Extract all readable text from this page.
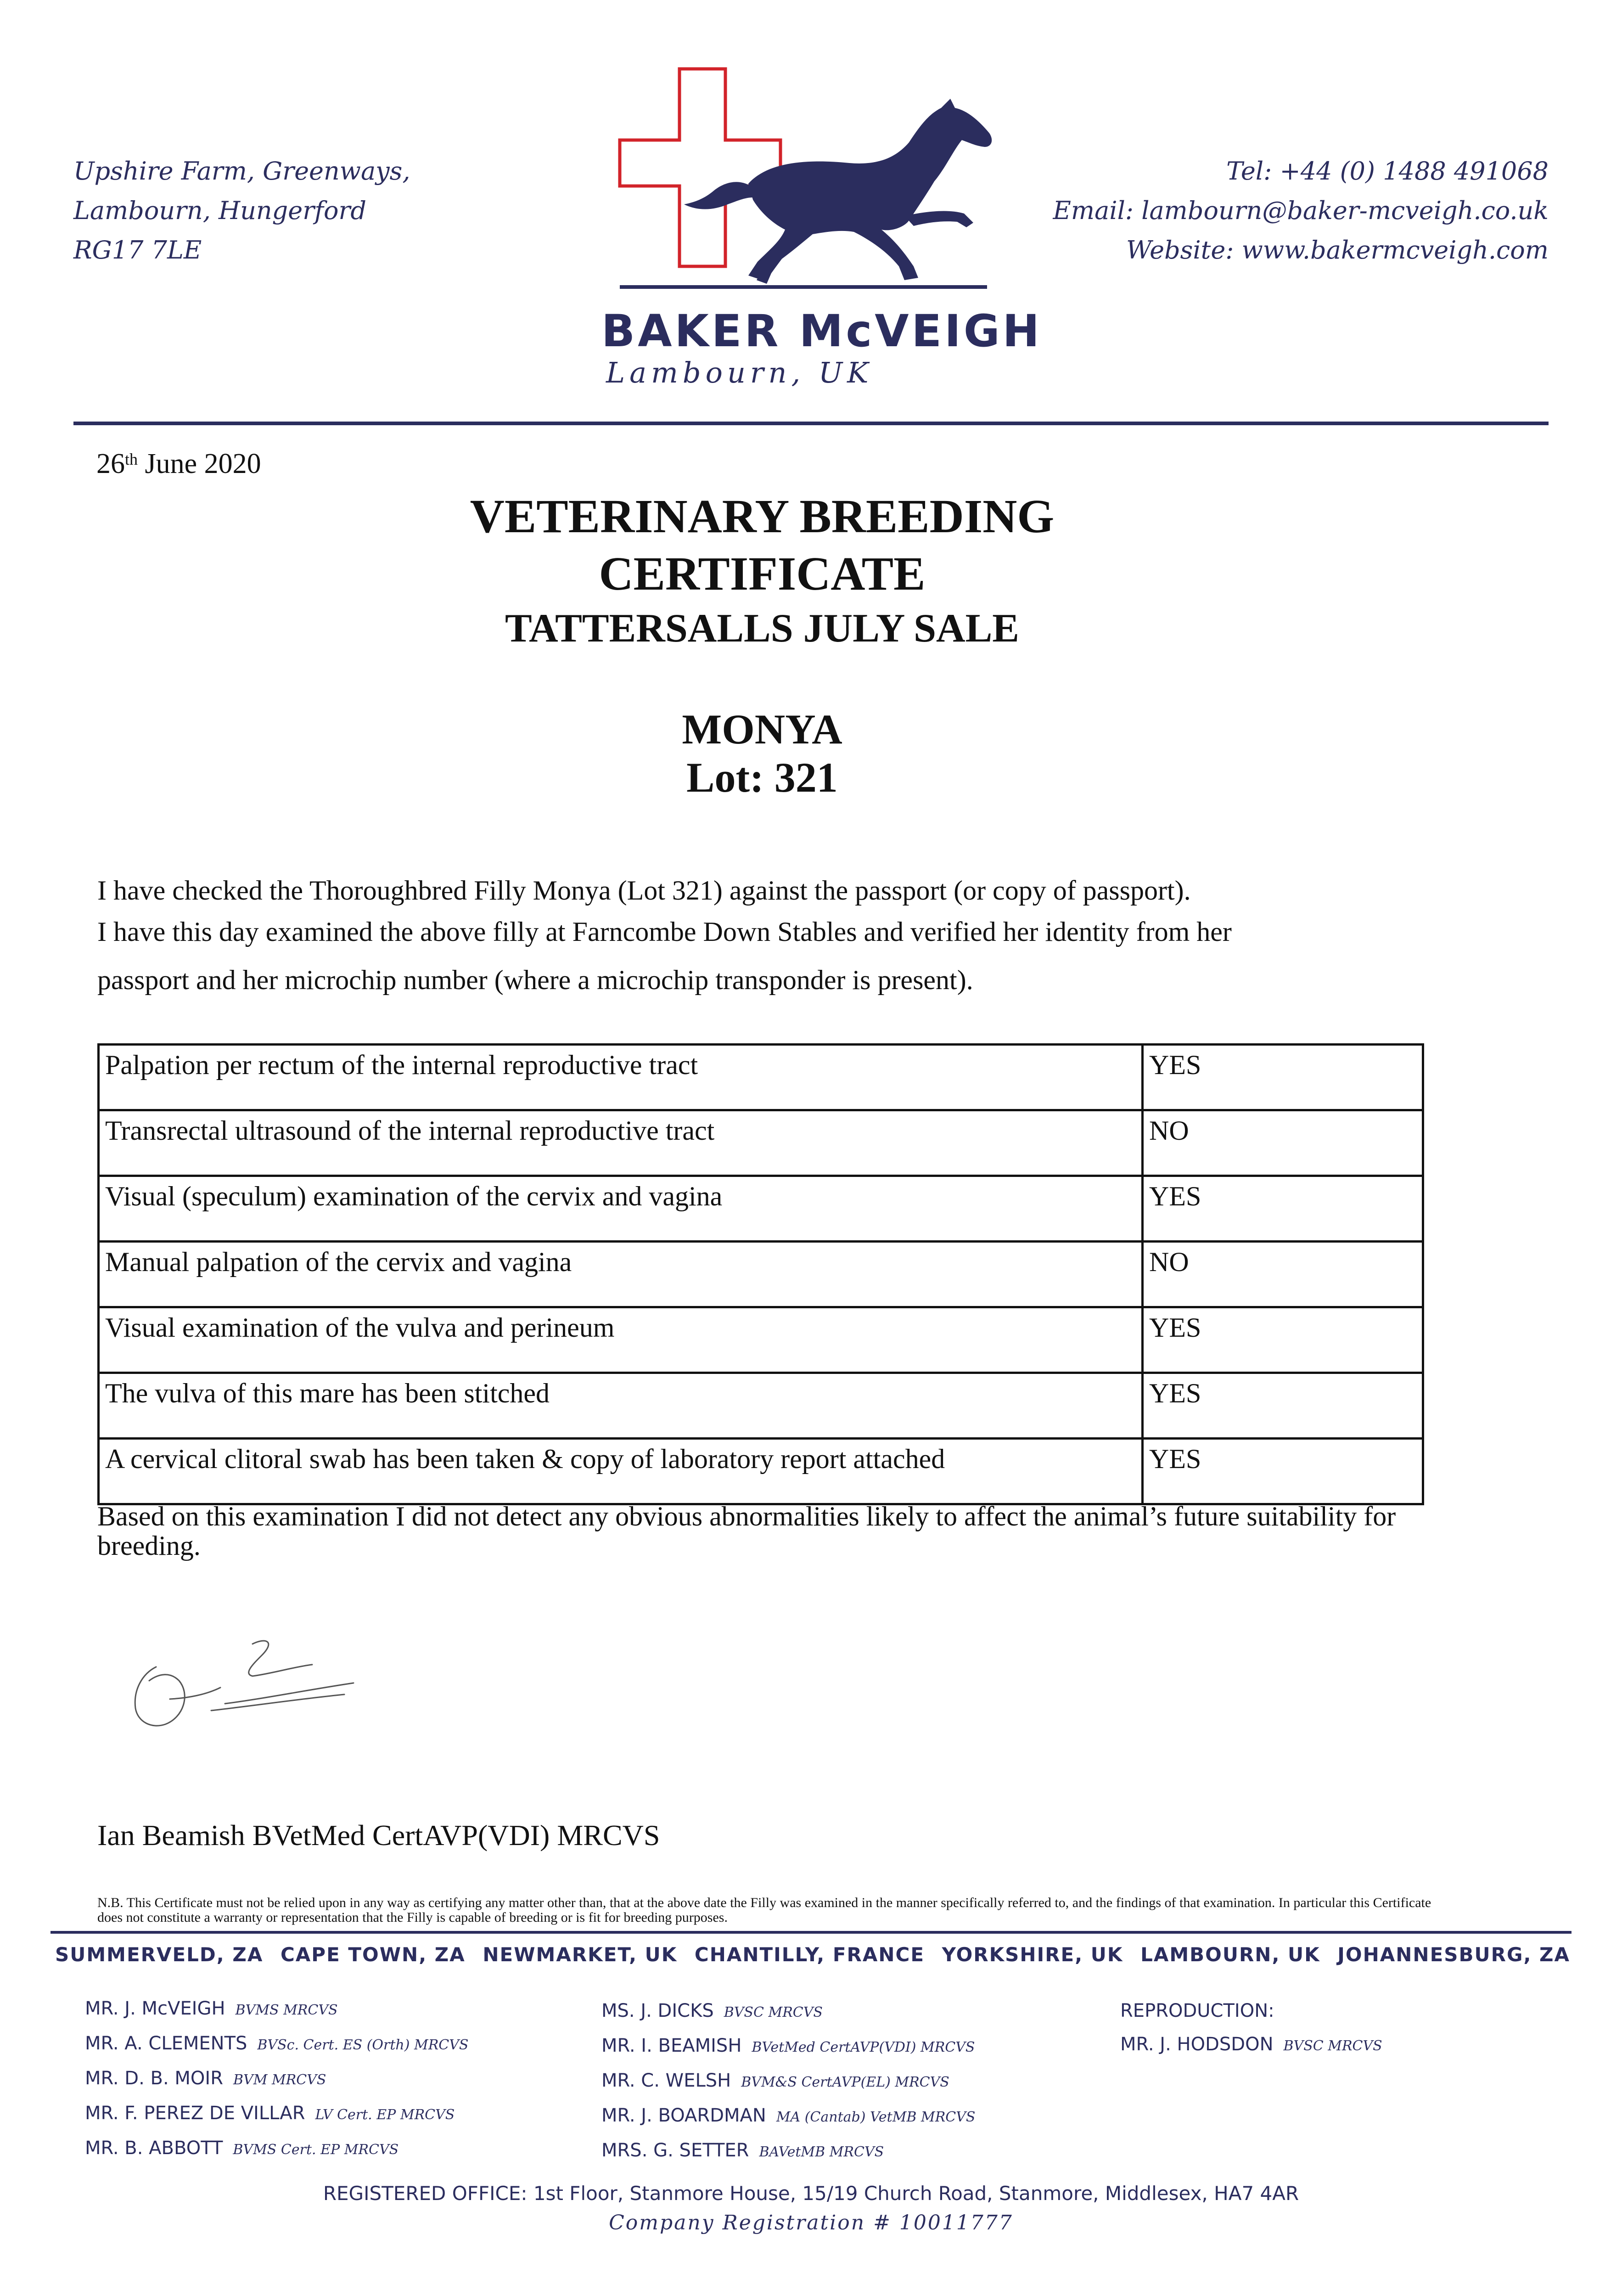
Upshire Farm, Greenways,
Lambourn, Hungerford
RG17 7LE
Tel: +44 (0) 1488 491068
Email: lambourn@baker-mcveigh.co.uk
Website: www.bakermcveigh.com
BAKER McVEIGH
Lambourn, UK
26th June 2020
VETERINARY BREEDING
CERTIFICATE
TATTERSALLS JULY SALE
MONYA
Lot: 321
I have checked the Thoroughbred Filly Monya (Lot 321) against the passport (or copy of passport).
I have this day examined the above filly at Farncombe Down Stables and verified her identity from her
passport and her microchip number (where a microchip transponder is present).
Palpation per rectum of the internal reproductive tract	YES
Transrectal ultrasound of the internal reproductive tract	NO
Visual (speculum) examination of the cervix and vagina	YES
Manual palpation of the cervix and vagina	NO
Visual examination of the vulva and perineum	YES
The vulva of this mare has been stitched	YES
A cervical clitoral swab has been taken & copy of laboratory report attached	YES
Based on this examination I did not detect any obvious abnormalities likely to affect the animal’s future suitability for breeding.
Ian Beamish BVetMed CertAVP(VDI) MRCVS
N.B. This Certificate must not be relied upon in any way as certifying any matter other than, that at the above date the Filly was examined in the manner specifically referred to, and the findings of that examination. In particular this Certificate does not constitute a warranty or representation that the Filly is capable of breeding or is fit for breeding purposes.
SUMMERVELD, ZA CAPE TOWN, ZA NEWMARKET, UK CHANTILLY, FRANCE YORKSHIRE, UK LAMBOURN, UK JOHANNESBURG, ZA
MR. J. McVEIGH BVMS MRCVS
MR. A. CLEMENTS BVSc. Cert. ES (Orth) MRCVS
MR. D. B. MOIR BVM MRCVS
MR. F. PEREZ DE VILLAR LV Cert. EP MRCVS
MR. B. ABBOTT BVMS Cert. EP MRCVS
MS. J. DICKS BVSC MRCVS
MR. I. BEAMISH BVetMed CertAVP(VDI) MRCVS
MR. C. WELSH BVM&S CertAVP(EL) MRCVS
MR. J. BOARDMAN MA (Cantab) VetMB MRCVS
MRS. G. SETTER BAVetMB MRCVS
REPRODUCTION:
MR. J. HODSDON BVSC MRCVS
REGISTERED OFFICE: 1st Floor, Stanmore House, 15/19 Church Road, Stanmore, Middlesex, HA7 4AR
Company Registration # 10011777
